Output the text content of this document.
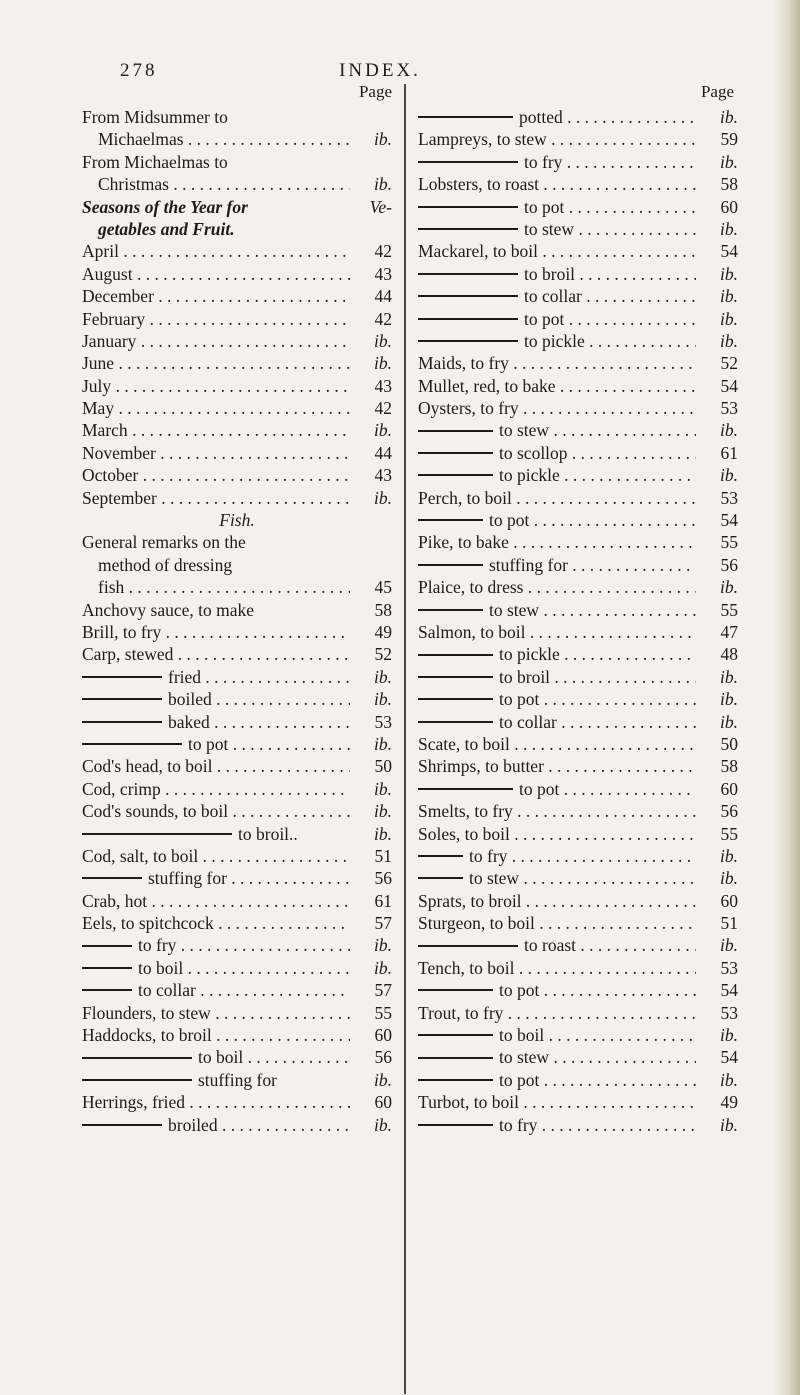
278	INDEX.
Page
From Midsummer to
Michaelmas . . .	ib.
From Michaelmas to
Christmas . . .	ib.
Seasons of the Year for	Ve-
getables and Fruit.
April . . .	42
August . . .	43
December . . .	44
February . . .	42
January . . .	ib.
June . . .	ib.
July . . .	43
May . . .	42
March . . .	ib.
November . . .	44
October . . .	43
September . . .	ib.
Fish.
General remarks on the
method of dressing
fish . . .	45
Anchovy sauce, to make	58
Brill, to fry . . .	49
Carp, stewed . . .	52
fried . . .	ib.
boiled . . .	ib.
baked . . .	53
to pot . . .	ib.
Cod's head, to boil . . .	50
Cod, crimp . . .	ib.
Cod's sounds, to boil . . .	ib.
to broil..	ib.
Cod, salt, to boil . . .	51
stuffing for . . .	56
Crab, hot . . .	61
Eels, to spitchcock . . .	57
to fry . . .	ib.
to boil . . .	ib.
to collar . . .	57
Flounders, to stew . . .	55
Haddocks, to broil . . .	60
to boil . . .	56
stuffing for	ib.
Herrings, fried . . .	60
broiled . . .	ib.
Page
potted . . .	ib.
Lampreys, to stew . . .	59
to fry . . .	ib.
Lobsters, to roast . . .	58
to pot . . .	60
to stew . . .	ib.
Mackarel, to boil . . .	54
to broil . . .	ib.
to collar . . .	ib.
to pot . . .	ib.
to pickle . . .	ib.
Maids, to fry . . .	52
Mullet, red, to bake . . .	54
Oysters, to fry . . .	53
to stew . . .	ib.
to scollop . . .	61
to pickle . . .	ib.
Perch, to boil . . .	53
to pot . . .	54
Pike, to bake . . .	55
stuffing for . . .	56
Plaice, to dress . . .	ib.
to stew . . .	55
Salmon, to boil . . .	47
to pickle . . .	48
to broil . . .	ib.
to pot . . .	ib.
to collar . . .	ib.
Scate, to boil . . .	50
Shrimps, to butter . . .	58
to pot . . .	60
Smelts, to fry . . .	56
Soles, to boil . . .	55
to fry . . .	ib.
to stew . . .	ib.
Sprats, to broil . . .	60
Sturgeon, to boil . . .	51
to roast . . .	ib.
Tench, to boil . . .	53
to pot . . .	54
Trout, to fry . . .	53
to boil . . .	ib.
to stew . . .	54
to pot . . .	ib.
Turbot, to boil . . .	49
to fry . . .	ib.
